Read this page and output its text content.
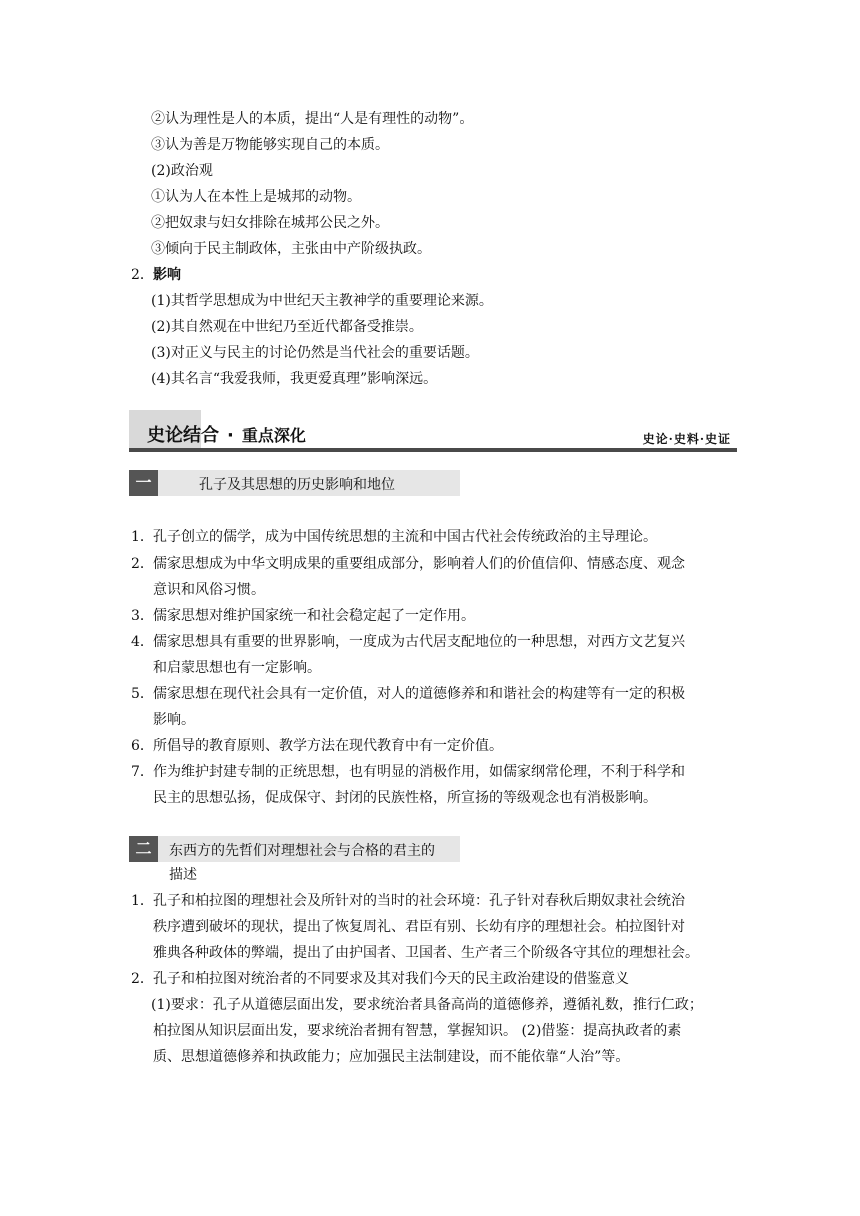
②认为理性是人的本质，提出“人是有理性的动物”。
③认为善是万物能够实现自己的本质。
(2)政治观
①认为人在本性上是城邦的动物。
②把奴隶与妇女排除在城邦公民之外。
③倾向于民主制政体，主张由中产阶级执政。
2．影响
(1)其哲学思想成为中世纪天主教神学的重要理论来源。
(2)其自然观在中世纪乃至近代都备受推崇。
(3)对正义与民主的讨论仍然是当代社会的重要话题。
(4)其名言“我爱我师，我更爱真理”影响深远。
史论结合 · 重点深化	史论·史料·史证
一	孔子及其思想的历史影响和地位
1．孔子创立的儒学，成为中国传统思想的主流和中国古代社会传统政治的主导理论。
2．儒家思想成为中华文明成果的重要组成部分，影响着人们的价值信仰、情感态度、观念
意识和风俗习惯。
3．儒家思想对维护国家统一和社会稳定起了一定作用。
4．儒家思想具有重要的世界影响，一度成为古代居支配地位的一种思想，对西方文艺复兴
和启蒙思想也有一定影响。
5．儒家思想在现代社会具有一定价值，对人的道德修养和和谐社会的构建等有一定的积极
影响。
6．所倡导的教育原则、教学方法在现代教育中有一定价值。
7．作为维护封建专制的正统思想，也有明显的消极作用，如儒家纲常伦理，不利于科学和
民主的思想弘扬，促成保守、封闭的民族性格，所宣扬的等级观念也有消极影响。
二	东西方的先哲们对理想社会与合格的君主的
描述
1．孔子和柏拉图的理想社会及所针对的当时的社会环境：孔子针对春秋后期奴隶社会统治
秩序遭到破坏的现状，提出了恢复周礼、君臣有别、长幼有序的理想社会。柏拉图针对
雅典各种政体的弊端，提出了由护国者、卫国者、生产者三个阶级各守其位的理想社会。
2．孔子和柏拉图对统治者的不同要求及其对我们今天的民主政治建设的借鉴意义
(1)要求：孔子从道德层面出发，要求统治者具备高尚的道德修养，遵循礼数，推行仁政；
柏拉图从知识层面出发，要求统治者拥有智慧，掌握知识。 (2)借鉴：提高执政者的素
质、思想道德修养和执政能力；应加强民主法制建设，而不能依靠“人治”等。
